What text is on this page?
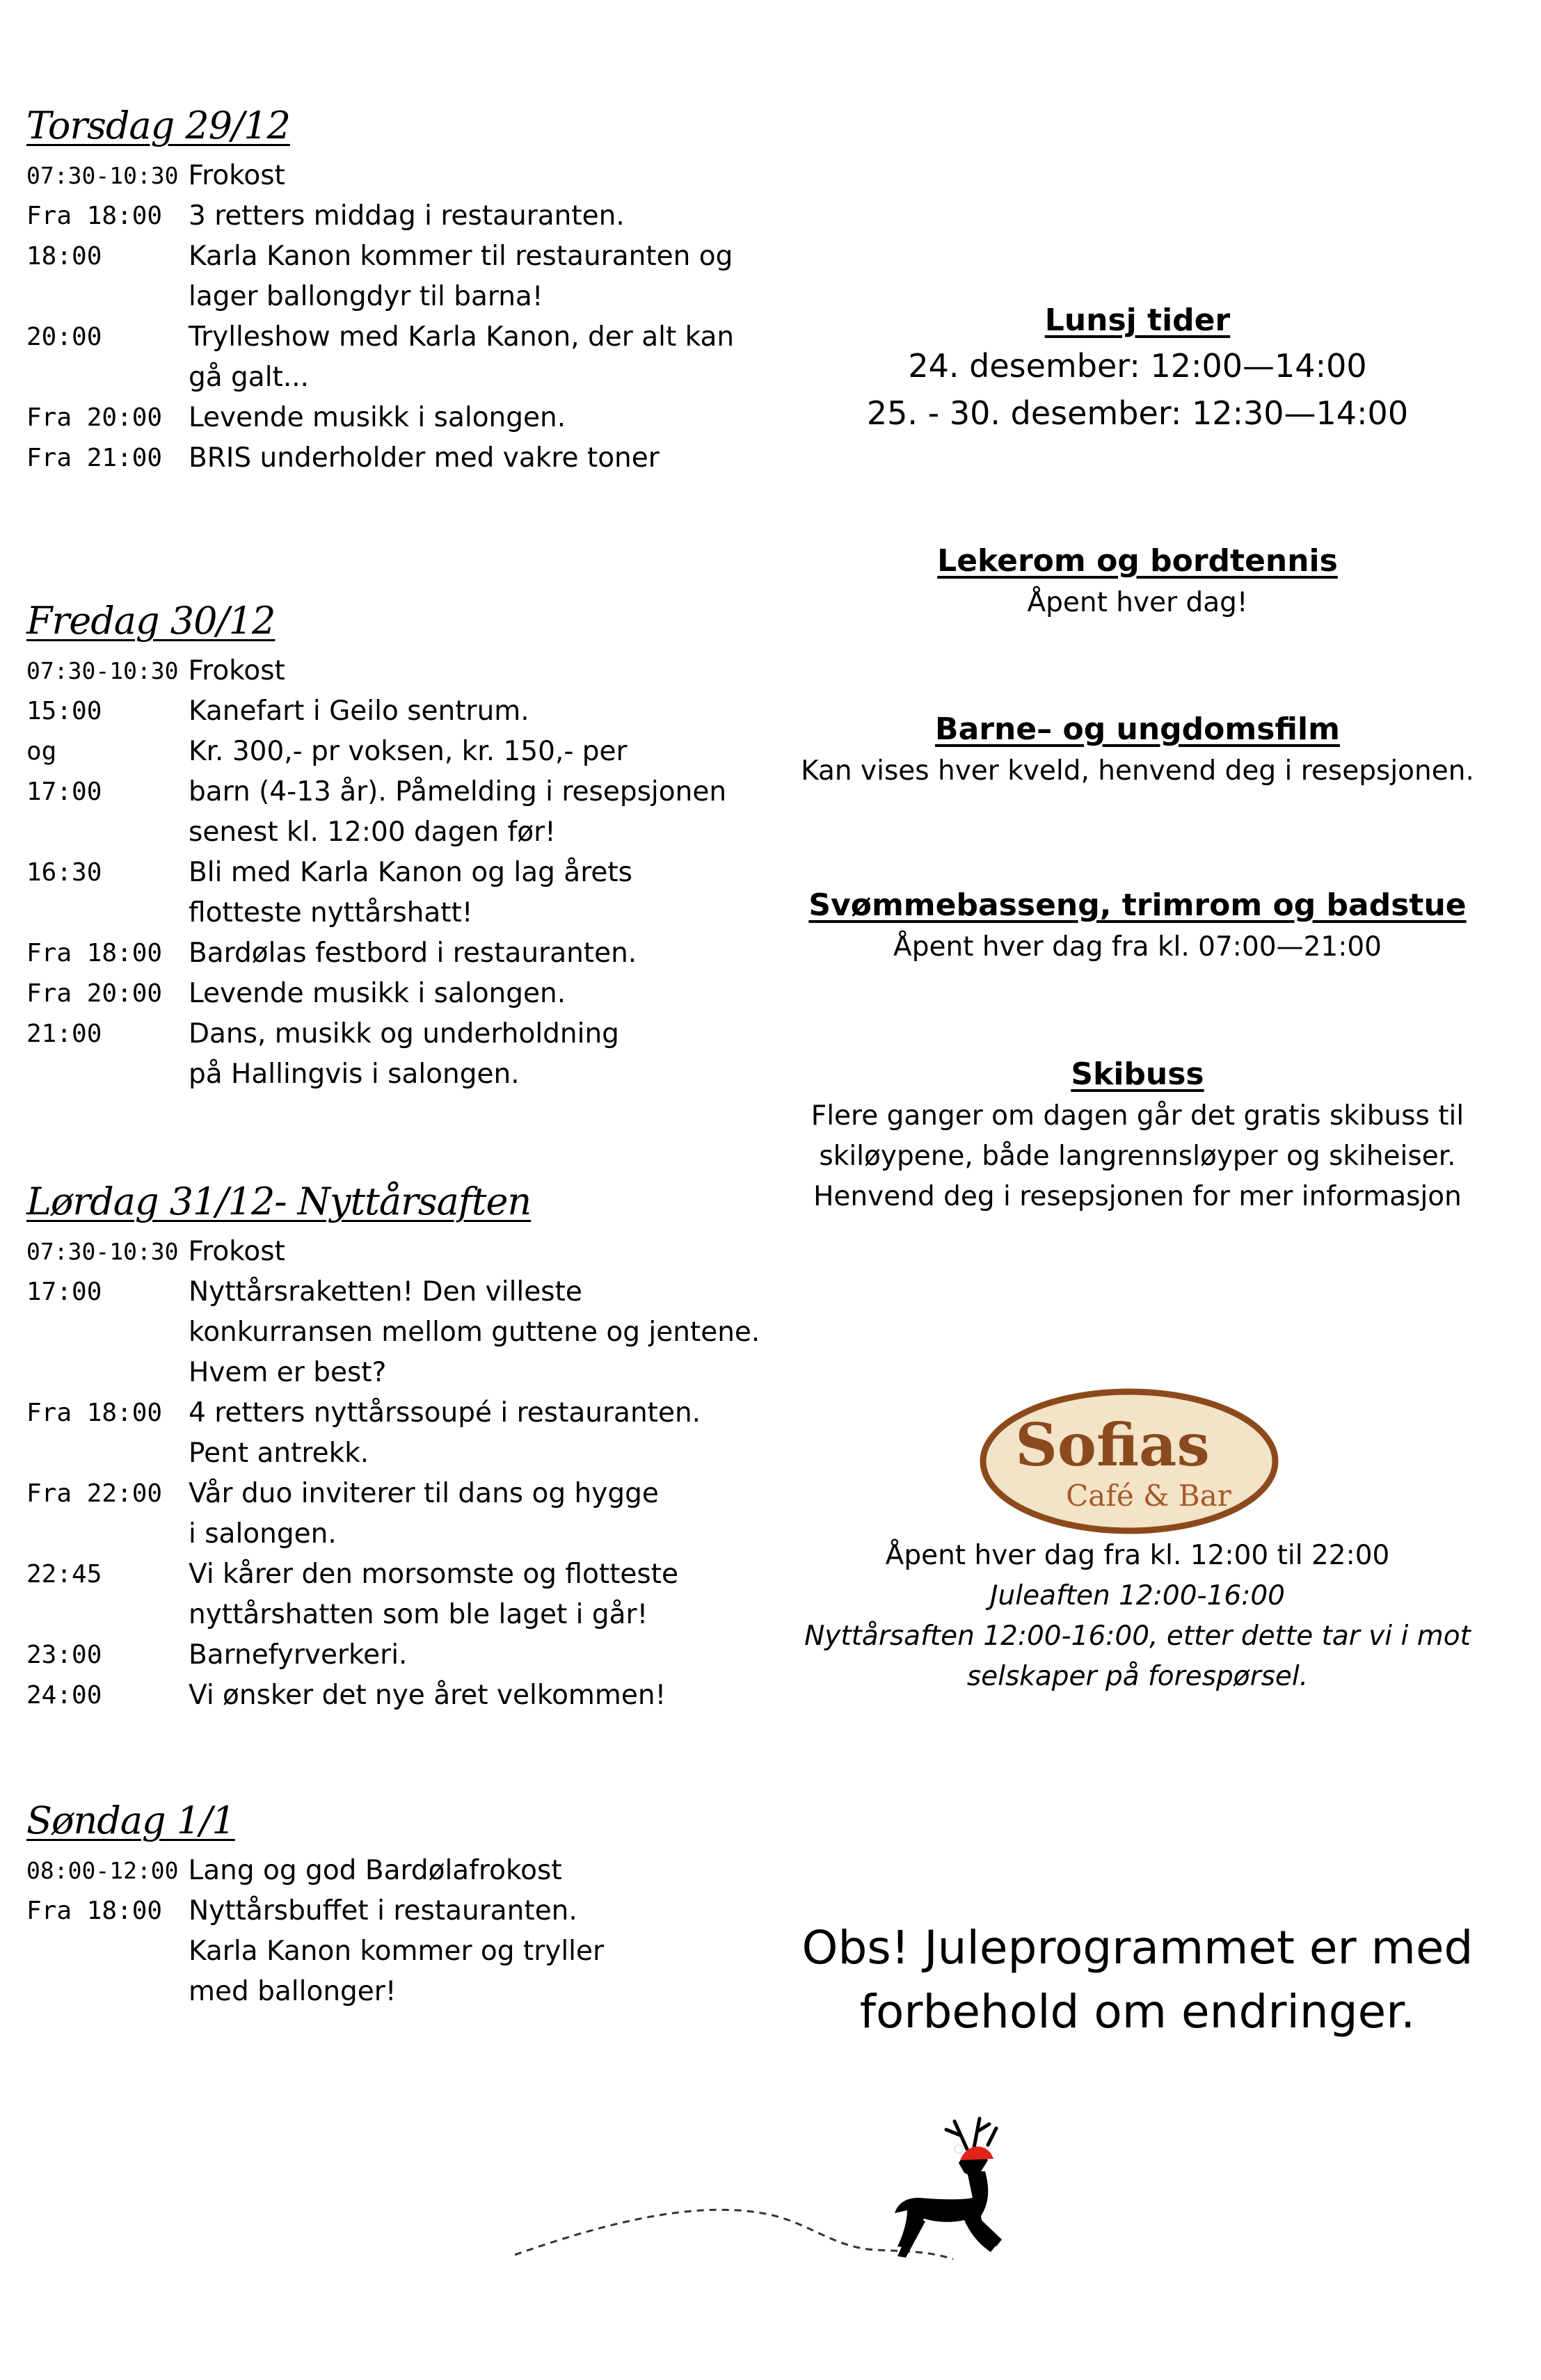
Torsdag 29/12
07:30-10:30 Frokost
Fra 18:00 3 retters middag i restauranten.
18:00	Karla Kanon kommer til restauranten og
lager ballongdyr til barna!
20:00	Trylleshow med Karla Kanon, der alt kan
gå galt...
Fra 20:00 Levende musikk i salongen.
Fra 21:00 BRIS underholder med vakre toner
Fredag 30/12
07:30-10:30 Frokost
15:00	Kanefart i Geilo sentrum.
og	Kr. 300,- pr voksen, kr. 150,- per
17:00	barn (4-13 år). Påmelding i resepsjonen
senest kl. 12:00 dagen før!
16:30	Bli med Karla Kanon og lag årets
flotteste nyttårshatt!
Fra 18:00 Bardølas festbord i restauranten.
Fra 20:00 Levende musikk i salongen.
21:00	Dans, musikk og underholdning
på Hallingvis i salongen.
Lørdag 31/12- Nyttårsaften
07:30-10:30 Frokost
17:00	Nyttårsraketten! Den villeste
konkurransen mellom guttene og jentene.
Hvem er best?
Fra 18:00 4 retters nyttårssoupé i restauranten.
Pent antrekk.
Fra 22:00 Vår duo inviterer til dans og hygge
i salongen.
22:45	Vi kårer den morsomste og flotteste
nyttårshatten som ble laget i går!
23:00	Barnefyrverkeri.
24:00	Vi ønsker det nye året velkommen!
Søndag 1/1
08:00-12:00 Lang og god Bardølafrokost
Fra 18:00 Nyttårsbuffet i restauranten.
Karla Kanon kommer og tryller
med ballonger!
Lunsj tider
24. desember: 12:00—14:00
25. - 30. desember: 12:30—14:00
Lekerom og bordtennis
Åpent hver dag!
Barne– og ungdomsfilm
Kan vises hver kveld, henvend deg i resepsjonen.
Svømmebasseng, trimrom og badstue
Åpent hver dag fra kl. 07:00—21:00
Skibuss
Flere ganger om dagen går det gratis skibuss til
skiløypene, både langrennsløyper og skiheiser.
Henvend deg i resepsjonen for mer informasjon
Sofias
Café & Bar
Åpent hver dag fra kl. 12:00 til 22:00
Juleaften 12:00-16:00
Nyttårsaften 12:00-16:00, etter dette tar vi i mot
selskaper på forespørsel.
Obs! Juleprogrammet er med
forbehold om endringer.
